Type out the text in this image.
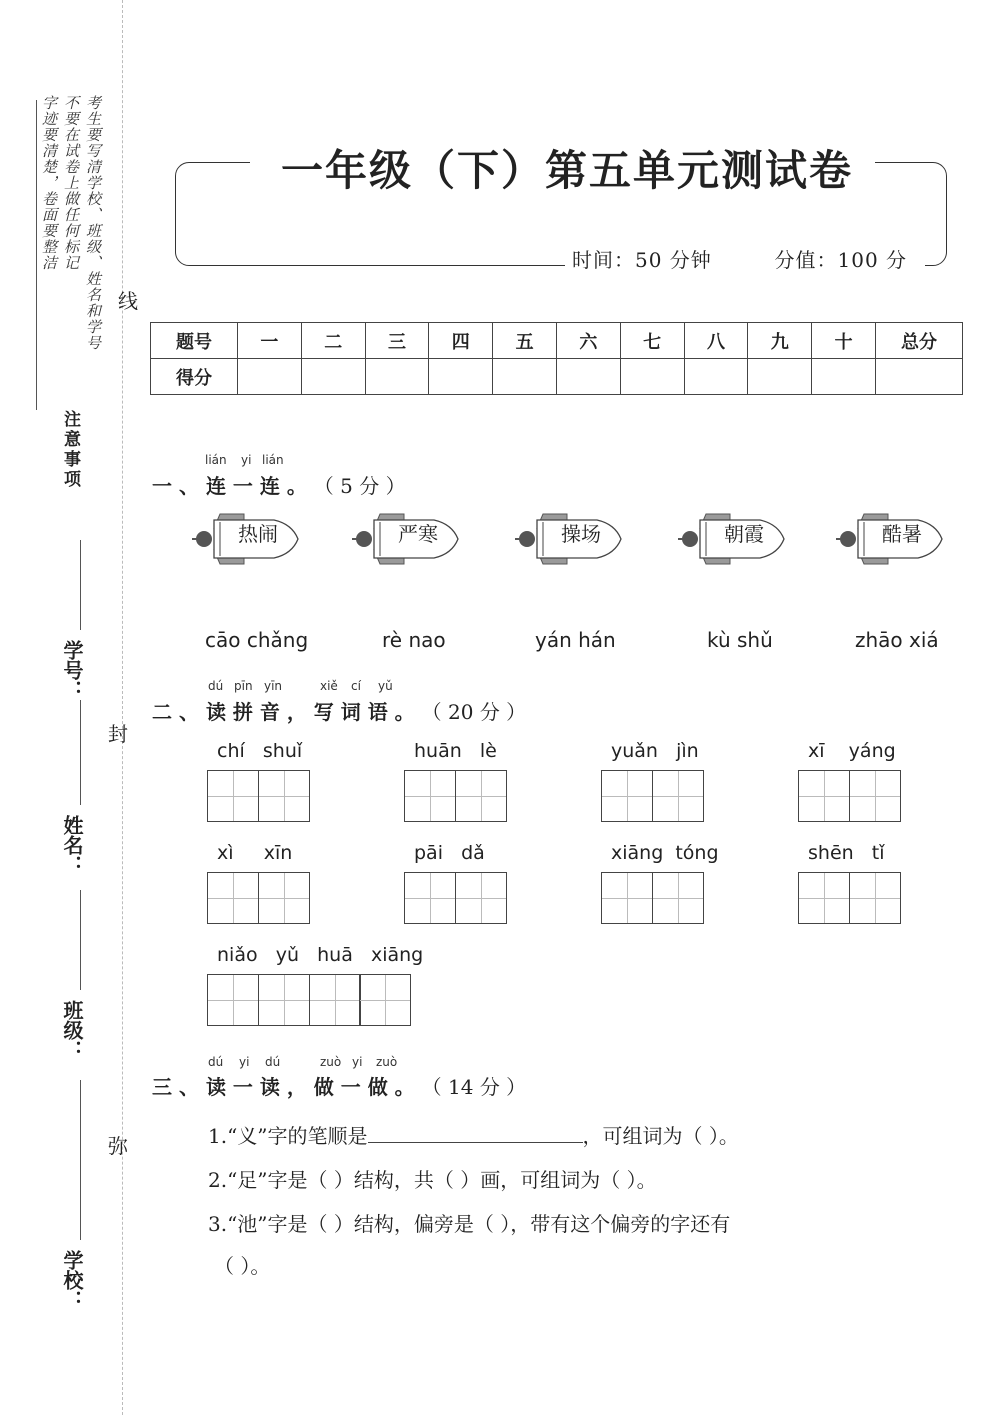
考生要写清学校、班级、姓名和学号
不要在试卷上做任何标记
字迹要清楚，卷面要整洁
注意事项
学号：
姓名：
班级：
学校：
线
封
弥
一年级（下）第五单元测试卷
时间：50 分钟	分值：100 分
题号	一	二	三	四	五	六	七	八	九	十	总分
得分											
lián yi lián
一 、 连 一 连 。 （ 5 分 ）
热闹	严寒	操场	朝霞	酷暑
cāo chǎng	rè nao	yán hán	kù shǔ	zhāo xiá
dú pīn yīn	xiě cí yǔ
二 、 读 拼 音 ， 写 词 语 。 （ 20 分 ）
chí   shuǐ	huān   lè	yuǎn   jìn	xī    yáng
xì     xīn	pāi   dǎ	xiāng  tóng	shēn   tǐ
niǎo   yǔ   huā   xiāng
dú yi dú	zuò yi zuò
三 、 读 一 读 ， 做 一 做 。 （ 14 分 ）
1.“义”字的笔顺是	，可组词为（ ）。
2.“足”字是（ ）结构，共（ ）画，可组词为（ ）。
3.“池”字是（ ）结构，偏旁是（ ），带有这个偏旁的字还有
（ ）。
